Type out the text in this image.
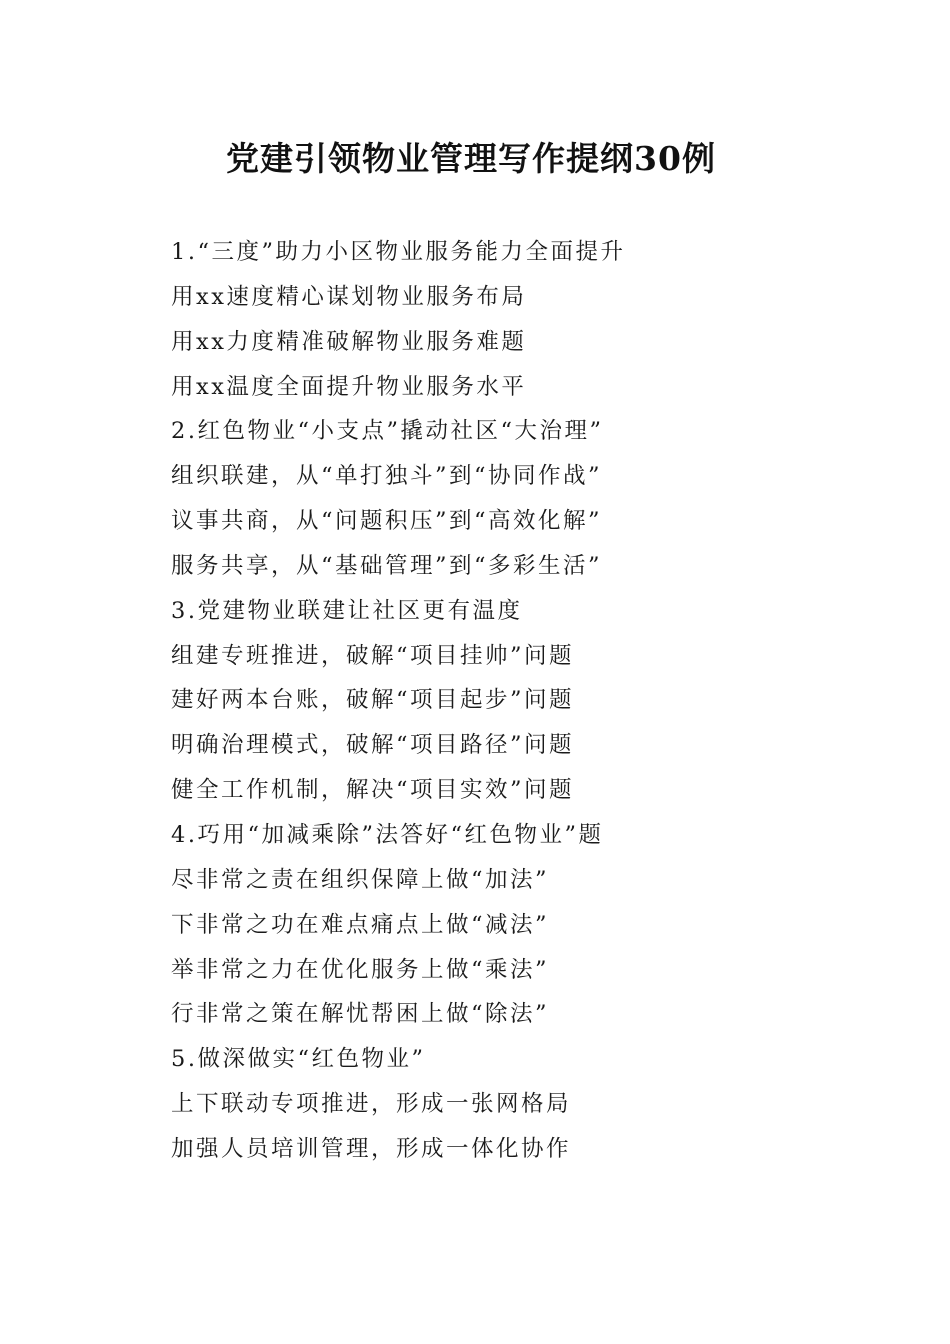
党建引领物业管理写作提纲30例
1.“三度”助力小区物业服务能力全面提升
用xx速度精心谋划物业服务布局
用xx力度精准破解物业服务难题
用xx温度全面提升物业服务水平
2.红色物业“小支点”撬动社区“大治理”
组织联建，从“单打独斗”到“协同作战”
议事共商，从“问题积压”到“高效化解”
服务共享，从“基础管理”到“多彩生活”
3.党建物业联建让社区更有温度
组建专班推进，破解“项目挂帅”问题
建好两本台账，破解“项目起步”问题
明确治理模式，破解“项目路径”问题
健全工作机制，解决“项目实效”问题
4.巧用“加减乘除”法答好“红色物业”题
尽非常之责在组织保障上做“加法”
下非常之功在难点痛点上做“减法”
举非常之力在优化服务上做“乘法”
行非常之策在解忧帮困上做“除法”
5.做深做实“红色物业”
上下联动专项推进，形成一张网格局
加强人员培训管理，形成一体化协作
